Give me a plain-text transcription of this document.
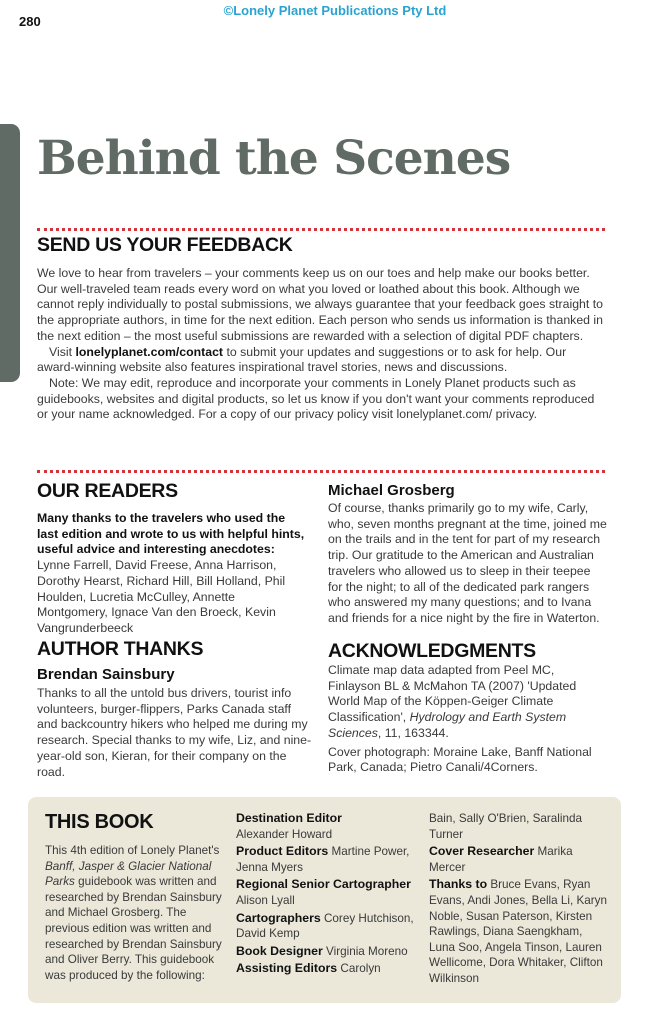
280
©Lonely Planet Publications Pty Ltd
Behind the Scenes
SEND US YOUR FEEDBACK

We love to hear from travelers – your comments keep us on our toes and help make our books better. Our well-traveled team reads every word on what you loved or loathed about this book. Although we cannot reply individually to postal submissions, we always guarantee that your feedback goes straight to the appropriate authors, in time for the next edition. Each person who sends us information is thanked in the next edition – the most useful submissions are rewarded with a selection of digital PDF chapters.

Visit lonelyplanet.com/contact to submit your updates and suggestions or to ask for help. Our award-winning website also features inspirational travel stories, news and discussions.

Note: We may edit, reproduce and incorporate your comments in Lonely Planet products such as guidebooks, websites and digital products, so let us know if you don't want your comments reproduced or your name acknowledged. For a copy of our privacy policy visit lonelyplanet.com/ privacy.

OUR READERS
Many thanks to the travelers who used the last edition and wrote to us with helpful hints, useful advice and interesting anecdotes: Lynne Farrell, David Freese, Anna Harrison, Dorothy Hearst, Richard Hill, Bill Holland, Phil Houlden, Lucretia McCulley, Annette Montgomery, Ignace Van den Broeck, Kevin Vangrunderbeeck
AUTHOR THANKS
Brendan Sainsbury
Thanks to all the untold bus drivers, tourist info volunteers, burger-flippers, Parks Canada staff and backcountry hikers who helped me during my research. Special thanks to my wife, Liz, and nine-year-old son, Kieran, for their company on the road.
Michael Grosberg
Of course, thanks primarily go to my wife, Carly, who, seven months pregnant at the time, joined me on the trails and in the tent for part of my research trip. Our gratitude to the American and Australian travelers who allowed us to sleep in their teepee for the night; to all of the dedicated park rangers who answered my many questions; and to Ivana and friends for a nice night by the fire in Waterton.
ACKNOWLEDGMENTS

Climate map data adapted from Peel MC, Finlayson BL & McMahon TA (2007) 'Updated World Map of the Köppen-Geiger Climate Classification', Hydrology and Earth System Sciences, 11, 163344.

Cover photograph: Moraine Lake, Banff National Park, Canada; Pietro Canali/4Corners.

THIS BOOK
This 4th edition of Lonely Planet's Banff, Jasper & Glacier National Parks guidebook was written and researched by Brendan Sainsbury and Michael Grosberg. The previous edition was written and researched by Brendan Sainsbury and Oliver Berry. This guidebook was produced by the following:
Destination Editor
Alexander Howard
Product Editors Martine Power, Jenna Myers
Regional Senior Cartographer Alison Lyall
Cartographers Corey Hutchison, David Kemp
Book Designer Virginia Moreno
Assisting Editors Carolyn
Bain, Sally O'Brien, Saralinda Turner
Cover Researcher Marika Mercer
Thanks to Bruce Evans, Ryan Evans, Andi Jones, Bella Li, Karyn Noble, Susan Paterson, Kirsten Rawlings, Diana Saengkham, Luna Soo, Angela Tinson, Lauren Wellicome, Dora Whitaker, Clifton Wilkinson
